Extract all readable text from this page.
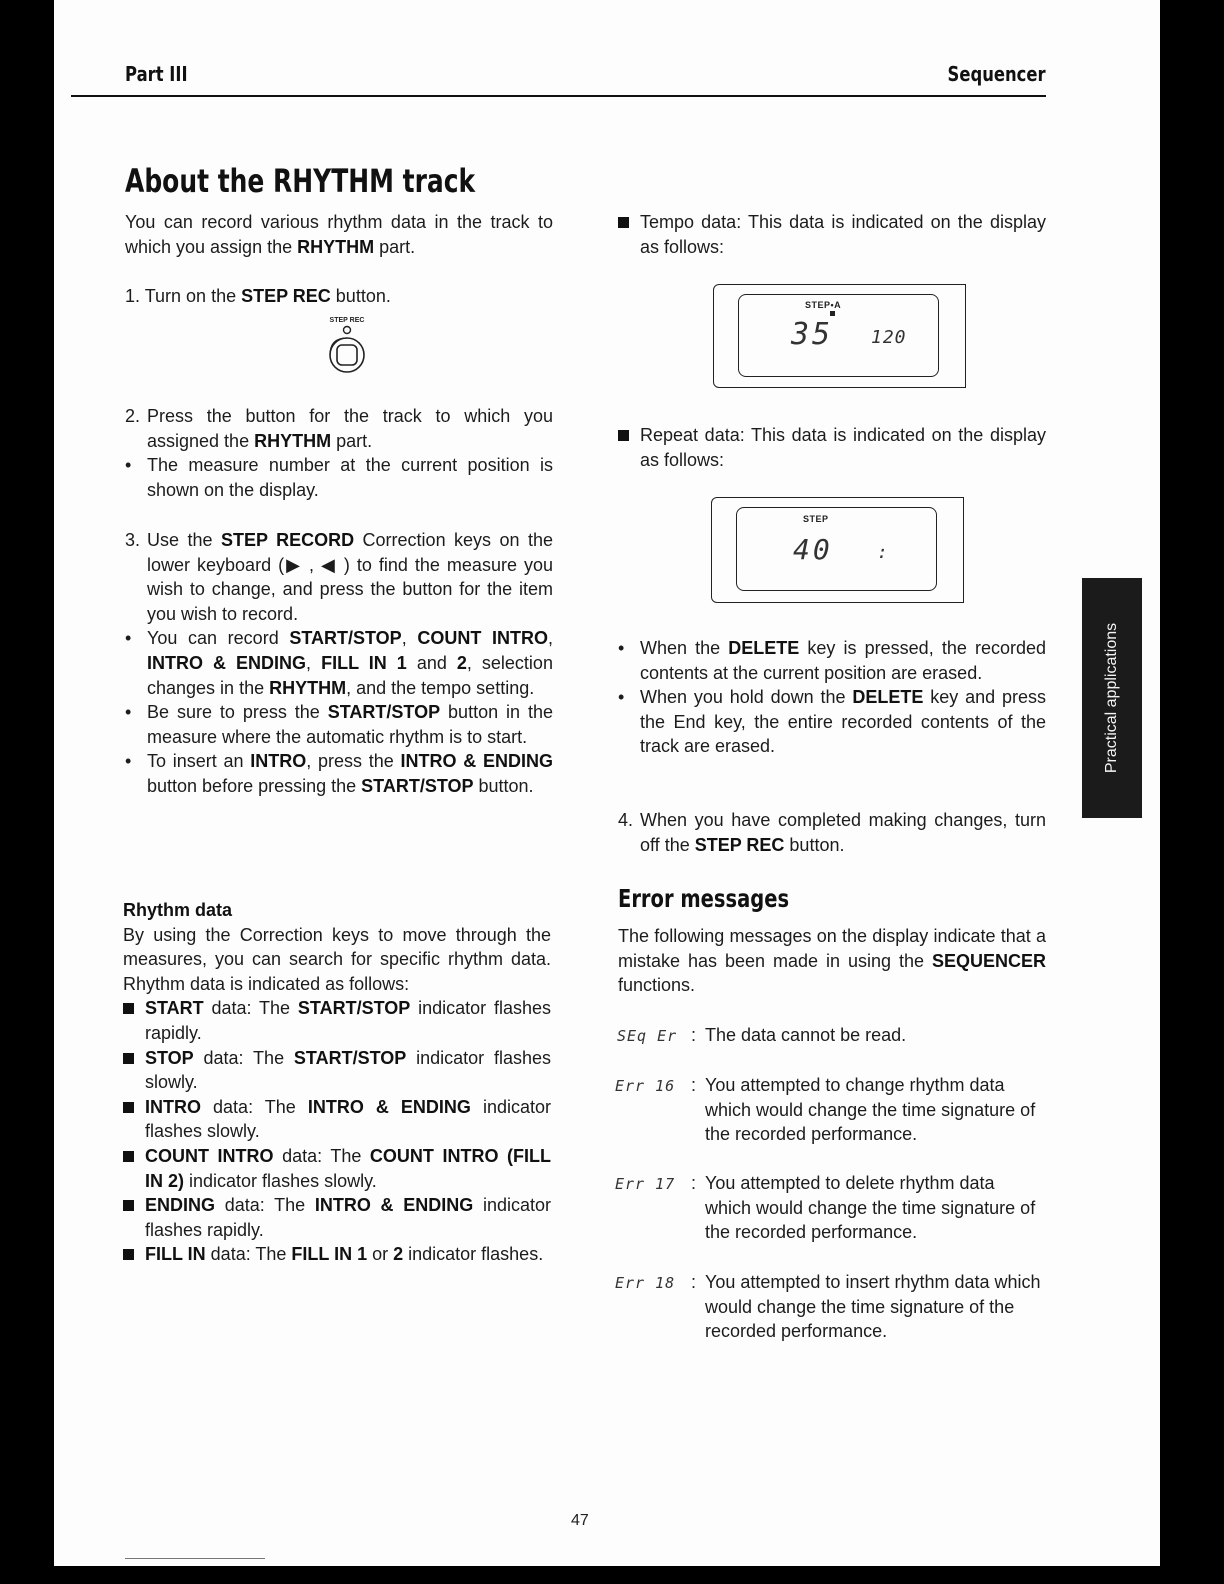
Part III	Sequencer
About the RHYTHM track
You can record various rhythm data in the track to which you assign the RHYTHM part.
1. Turn on the STEP REC button.
STEP REC
2. Press the button for the track to which you assigned the RHYTHM part.
• The measure number at the current position is shown on the display.
3. Use the STEP RECORD Correction keys on the lower keyboard (▶ , ◀ ) to find the measure you wish to change, and press the button for the item you wish to record.
• You can record START/STOP, COUNT INTRO, INTRO & ENDING, FILL IN 1 and 2, selection changes in the RHYTHM, and the tempo setting.
• Be sure to press the START/STOP button in the measure where the automatic rhythm is to start.
• To insert an INTRO, press the INTRO & ENDING button before pressing the START/STOP button.
Rhythm data
By using the Correction keys to move through the measures, you can search for specific rhythm data. Rhythm data is indicated as follows:
START data: The START/STOP indicator flashes rapidly.
STOP data: The START/STOP indicator flashes slowly.
INTRO data: The INTRO & ENDING indicator flashes slowly.
COUNT INTRO data: The COUNT INTRO (FILL IN 2) indicator flashes slowly.
ENDING data: The INTRO & ENDING indicator flashes rapidly.
FILL IN data: The FILL IN 1 or 2 indicator flashes.
Tempo data: This data is indicated on the display as follows:
STEP•A
35 120
Repeat data: This data is indicated on the display as follows:
STEP
40 :
• When the DELETE key is pressed, the recorded contents at the current position are erased.
• When you hold down the DELETE key and press the End key, the entire recorded contents of the track are erased.
4. When you have completed making changes, turn off the STEP REC button.
Error messages
The following messages on the display indicate that a mistake has been made in using the SEQUENCER functions.
SEq Er : The data cannot be read.
Err 16 : You attempted to change rhythm data which would change the time signature of the recorded performance.
Err 17 : You attempted to delete rhythm data which would change the time signature of the recorded performance.
Err 18 : You attempted to insert rhythm data which would change the time signature of the recorded performance.
Practical applications
47
